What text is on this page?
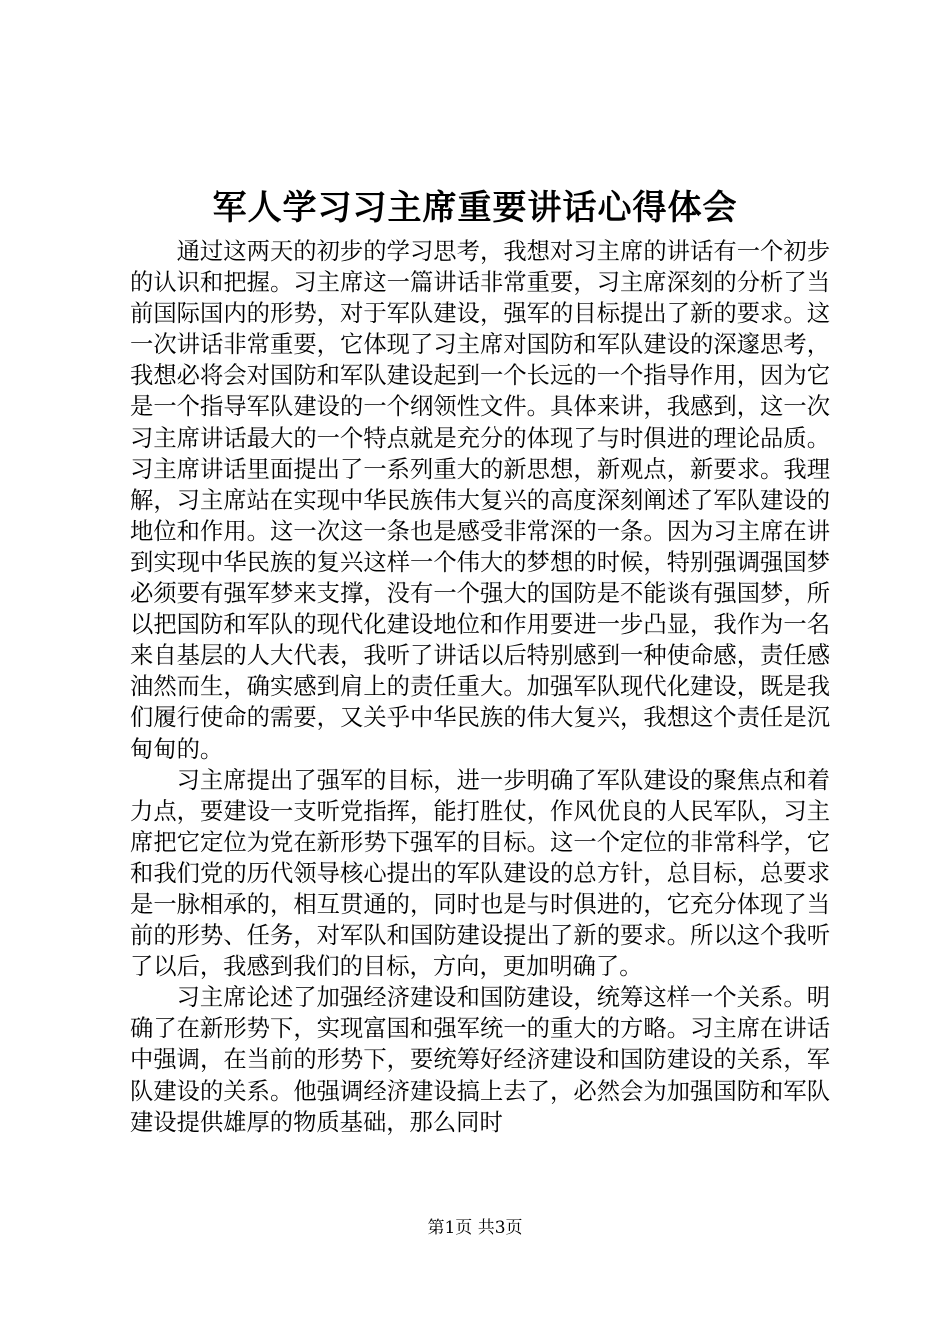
军人学习习主席重要讲话心得体会

通过这两天的初步的学习思考，我想对习主席的讲话有一个初步的认识和把握。习主席这一篇讲话非常重要，习主席深刻的分析了当前国际国内的形势，对于军队建设，强军的目标提出了新的要求。这一次讲话非常重要，它体现了习主席对国防和军队建设的深邃思考，我想必将会对国防和军队建设起到一个长远的一个指导作用，因为它是一个指导军队建设的一个纲领性文件。具体来讲，我感到，这一次习主席讲话最大的一个特点就是充分的体现了与时俱进的理论品质。习主席讲话里面提出了一系列重大的新思想，新观点，新要求。我理解，习主席站在实现中华民族伟大复兴的高度深刻阐述了军队建设的地位和作用。这一次这一条也是感受非常深的一条。因为习主席在讲到实现中华民族的复兴这样一个伟大的梦想的时候，特别强调强国梦必须要有强军梦来支撑，没有一个强大的国防是不能谈有强国梦，所以把国防和军队的现代化建设地位和作用要进一步凸显，我作为一名来自基层的人大代表，我听了讲话以后特别感到一种使命感，责任感油然而生，确实感到肩上的责任重大。加强军队现代化建设，既是我们履行使命的需要，又关乎中华民族的伟大复兴，我想这个责任是沉甸甸的。

习主席提出了强军的目标，进一步明确了军队建设的聚焦点和着力点，要建设一支听党指挥，能打胜仗，作风优良的人民军队，习主席把它定位为党在新形势下强军的目标。这一个定位的非常科学，它和我们党的历代领导核心提出的军队建设的总方针，总目标，总要求是一脉相承的，相互贯通的，同时也是与时俱进的，它充分体现了当前的形势、任务，对军队和国防建设提出了新的要求。所以这个我听了以后，我感到我们的目标，方向，更加明确了。

习主席论述了加强经济建设和国防建设，统筹这样一个关系。明确了在新形势下，实现富国和强军统一的重大的方略。习主席在讲话中强调，在当前的形势下，要统筹好经济建设和国防建设的关系，军队建设的关系。他强调经济建设搞上去了，必然会为加强国防和军队建设提供雄厚的物质基础，那么同时

第1页 共3页
